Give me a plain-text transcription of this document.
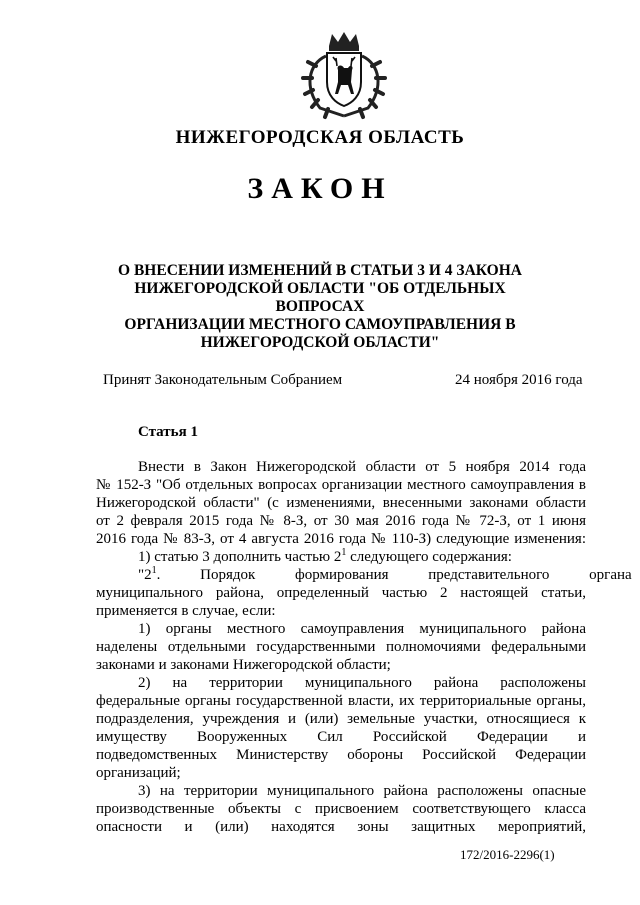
НИЖЕГОРОДСКАЯ ОБЛАСТЬ
ЗАКОН
О ВНЕСЕНИИ ИЗМЕНЕНИЙ В СТАТЬИ 3 И 4 ЗАКОНА
НИЖЕГОРОДСКОЙ ОБЛАСТИ "ОБ ОТДЕЛЬНЫХ ВОПРОСАХ
ОРГАНИЗАЦИИ МЕСТНОГО САМОУПРАВЛЕНИЯ В
НИЖЕГОРОДСКОЙ ОБЛАСТИ"
Принят Законодательным Собранием	24 ноября 2016 года
Статья 1
Внести в Закон Нижегородской области от 5 ноября 2014 года
№ 152-З "Об отдельных вопросах организации местного самоуправления в
Нижегородской области" (с изменениями, внесенными законами области
от 2 февраля 2015 года № 8-З, от 30 мая 2016 года № 72-З, от 1 июня
2016 года № 83-З, от 4 августа 2016 года № 110-З) следующие изменения:
1) статью 3 дополнить частью $2^1$ следующего содержания:
"$2^1$. Порядок формирования представительного органа
муниципального района, определенный частью 2 настоящей статьи,
применяется в случае, если:
1) органы местного самоуправления муниципального района
наделены отдельными государственными полномочиями федеральными
законами и законами Нижегородской области;
2) на территории муниципального района расположены
федеральные органы государственной власти, их территориальные органы,
подразделения, учреждения и (или) земельные участки, относящиеся к
имуществу Вооруженных Сил Российской Федерации и
подведомственных Министерству обороны Российской Федерации
организаций;
3) на территории муниципального района расположены опасные
производственные объекты с присвоением соответствующего класса
опасности и (или) находятся зоны защитных мероприятий,
172/2016-2296(1)
